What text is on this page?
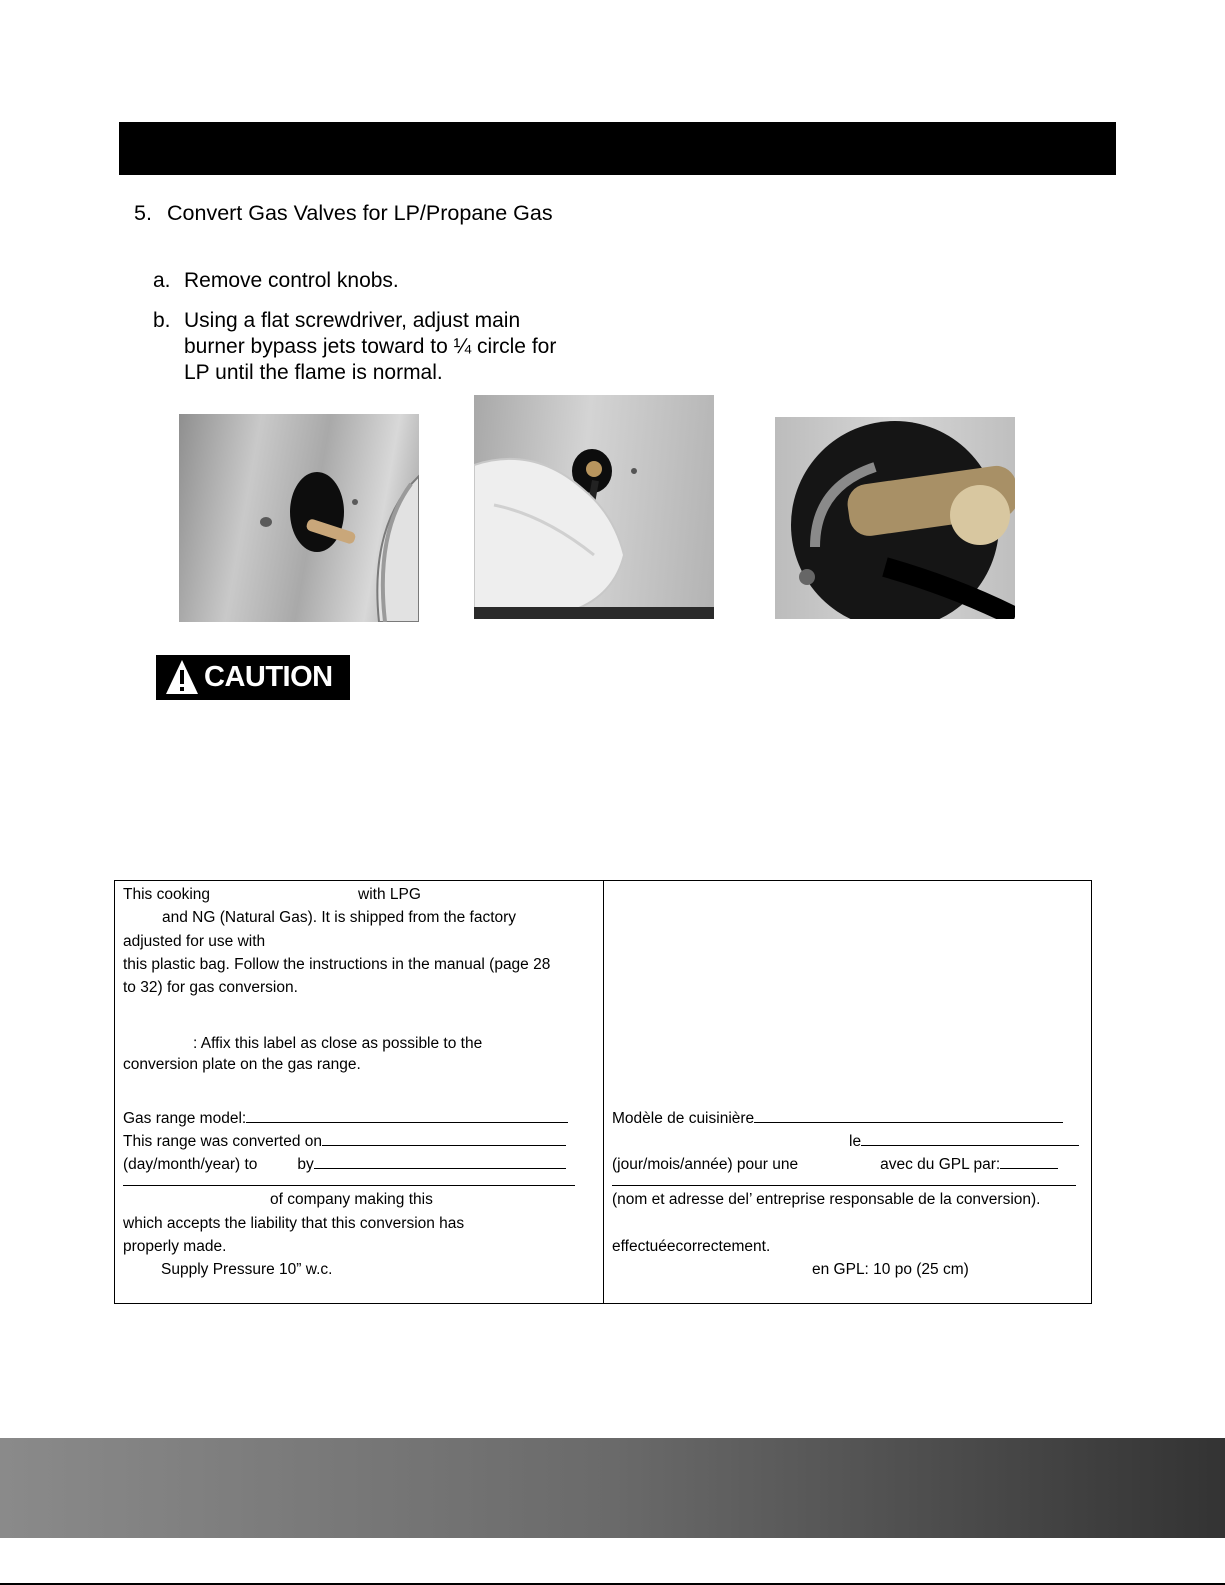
5. Convert Gas Valves for LP/Propane Gas
a. Remove control knobs.
b. Using a flat screwdriver, adjust main
burner bypass jets toward to ¼ circle for
LP until the flame is normal.
CAUTION
This cooking	with LPG
and NG (Natural Gas). It is shipped from the factory
adjusted for use with
this plastic bag. Follow the instructions in the manual (page 28
to 32) for gas conversion.
: Affix this label as close as possible to the
conversion plate on the gas range.
Gas range model:
This range was converted on
(day/month/year) to	by
of company making this
which accepts the liability that this conversion has
properly made.
Supply Pressure 10” w.c.
Modèle de cuisinière
le
(jour/mois/année) pour une	avec du GPL par:
(nom et adresse del’ entreprise responsable de la conversion).
effectuéecorrectement.
en GPL: 10 po (25 cm)
